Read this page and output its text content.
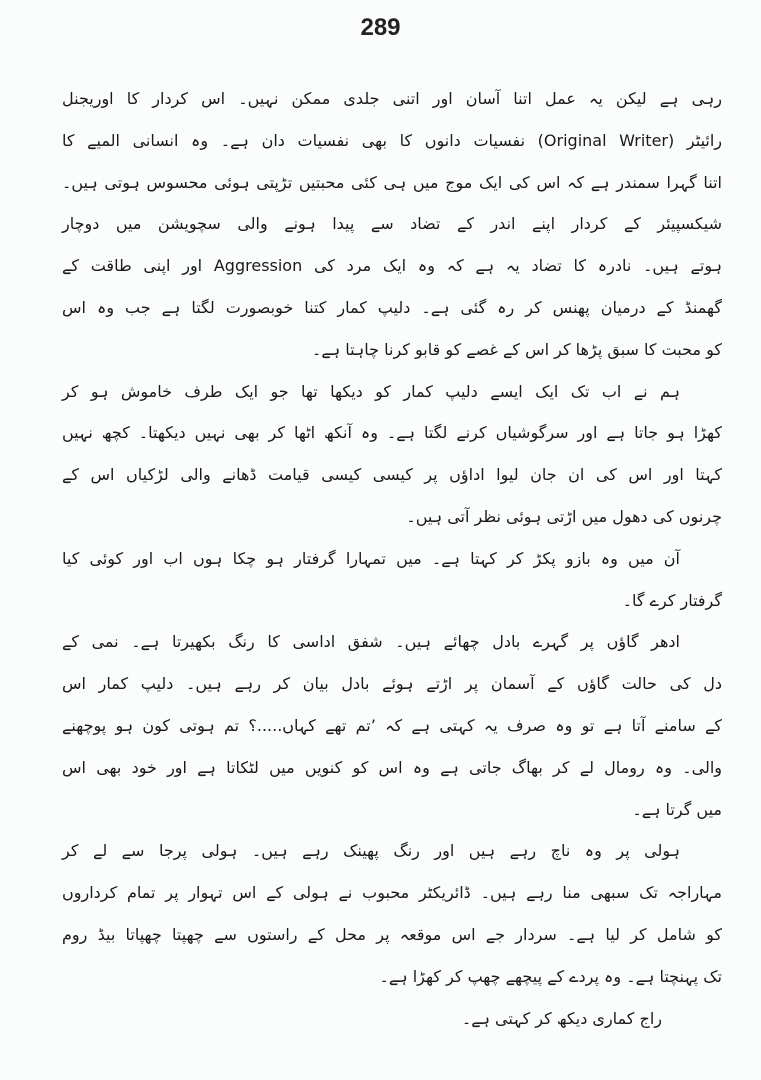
289
رہی ہے لیکن یہ عمل اتنا آسان اور اتنی جلدی ممکن نہیں۔ اس کردار کا اوریجنل
رائیٹر (Original Writer) نفسیات دانوں کا بھی نفسیات دان ہے۔ وہ انسانی المیے کا
اتنا گہرا سمندر ہے کہ اس کی ایک موج میں ہی کئی محبتیں تڑپتی ہوئی محسوس ہوتی ہیں۔
شیکسپیئر کے کردار اپنے اندر کے تضاد سے پیدا ہونے والی سچویشن میں دوچار
ہوتے ہیں۔ نادرہ کا تضاد یہ ہے کہ وہ ایک مرد کی Aggression اور اپنی طاقت کے
گھمنڈ کے درمیان پھنس کر رہ گئی ہے۔ دلیپ کمار کتنا خوبصورت لگتا ہے جب وہ اس
کو محبت کا سبق پڑھا کر اس کے غصے کو قابو کرنا چاہتا ہے۔
ہم نے اب تک ایک ایسے دلیپ کمار کو دیکھا تھا جو ایک طرف خاموش ہو کر
کھڑا ہو جاتا ہے اور سرگوشیاں کرنے لگتا ہے۔ وہ آنکھ اٹھا کر بھی نہیں دیکھتا۔ کچھ نہیں
کہتا اور اس کی ان جان لیوا اداؤں پر کیسی کیسی قیامت ڈھانے والی لڑکیاں اس کے
چرنوں کی دھول میں اڑتی ہوئی نظر آتی ہیں۔
آن میں وہ بازو پکڑ کر کہتا ہے۔ میں تمہارا گرفتار ہو چکا ہوں اب اور کوئی کیا
گرفتار کرے گا۔
ادھر گاؤں پر گہرے بادل چھائے ہیں۔ شفق اداسی کا رنگ بکھیرتا ہے۔ نمی کے
دل کی حالت گاؤں کے آسمان پر اڑتے ہوئے بادل بیان کر رہے ہیں۔ دلیپ کمار اس
کے سامنے آتا ہے تو وہ صرف یہ کہتی ہے کہ ’تم تھے کہاں.....؟ تم ہوتی کون ہو پوچھنے
والی۔ وہ رومال لے کر بھاگ جاتی ہے وہ اس کو کنویں میں لٹکاتا ہے اور خود بھی اس
میں گرتا ہے۔
ہولی پر وہ ناچ رہے ہیں اور رنگ پھینک رہے ہیں۔ ہولی پرجا سے لے کر
مہاراجہ تک سبھی منا رہے ہیں۔ ڈائریکٹر محبوب نے ہولی کے اس تہوار پر تمام کرداروں
کو شامل کر لیا ہے۔ سردار جے اس موقعہ پر محل کے راستوں سے چھپتا چھپاتا بیڈ روم
تک پہنچتا ہے۔ وہ پردے کے پیچھے چھپ کر کھڑا ہے۔
راج کماری دیکھ کر کہتی ہے۔
